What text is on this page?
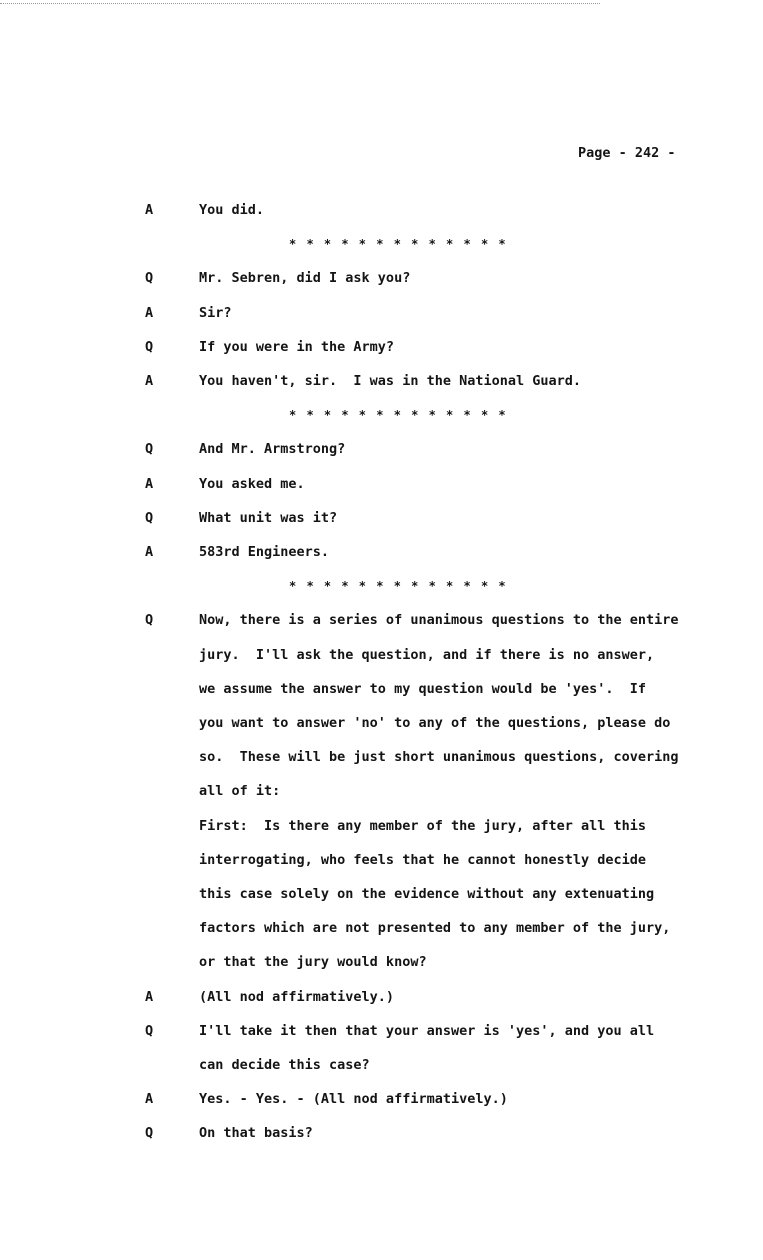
Page - 242 -
A	You did.
* * * * * * * * * * * * *
Q	Mr. Sebren, did I ask you?
A	Sir?
Q	If you were in the Army?
A	You haven't, sir.  I was in the National Guard.
* * * * * * * * * * * * *
Q	And Mr. Armstrong?
A	You asked me.
Q	What unit was it?
A	583rd Engineers.
* * * * * * * * * * * * *
Q	Now, there is a series of unanimous questions to the entire
jury.  I'll ask the question, and if there is no answer,
we assume the answer to my question would be 'yes'.  If
you want to answer 'no' to any of the questions, please do
so.  These will be just short unanimous questions, covering
all of it:
First:  Is there any member of the jury, after all this
interrogating, who feels that he cannot honestly decide
this case solely on the evidence without any extenuating
factors which are not presented to any member of the jury,
or that the jury would know?
A	(All nod affirmatively.)
Q	I'll take it then that your answer is 'yes', and you all
can decide this case?
A	Yes. - Yes. - (All nod affirmatively.)
Q	On that basis?
